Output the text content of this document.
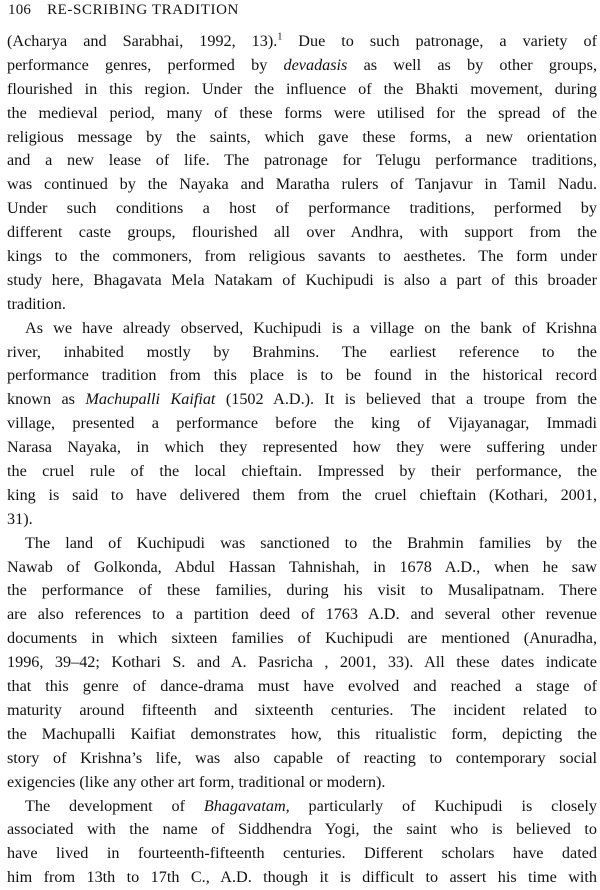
106 RE-SCRIBING TRADITION
(Acharya and Sarabhai, 1992, 13).$^1$ Due to such patronage, a variety of
performance genres, performed by devadasis as well as by other groups,
flourished in this region. Under the influence of the Bhakti movement, during
the medieval period, many of these forms were utilised for the spread of the
religious message by the saints, which gave these forms, a new orientation
and a new lease of life. The patronage for Telugu performance traditions,
was continued by the Nayaka and Maratha rulers of Tanjavur in Tamil Nadu.
Under such conditions a host of performance traditions, performed by
different caste groups, flourished all over Andhra, with support from the
kings to the commoners, from religious savants to aesthetes. The form under
study here, Bhagavata Mela Natakam of Kuchipudi is also a part of this broader
tradition.
As we have already observed, Kuchipudi is a village on the bank of Krishna
river, inhabited mostly by Brahmins. The earliest reference to the
performance tradition from this place is to be found in the historical record
known as Machupalli Kaifiat (1502 A.D.). It is believed that a troupe from the
village, presented a performance before the king of Vijayanagar, Immadi
Narasa Nayaka, in which they represented how they were suffering under
the cruel rule of the local chieftain. Impressed by their performance, the
king is said to have delivered them from the cruel chieftain (Kothari, 2001,
31).
The land of Kuchipudi was sanctioned to the Brahmin families by the
Nawab of Golkonda, Abdul Hassan Tahnishah, in 1678 A.D., when he saw
the performance of these families, during his visit to Musalipatnam. There
are also references to a partition deed of 1763 A.D. and several other revenue
documents in which sixteen families of Kuchipudi are mentioned (Anuradha,
1996, 39–42; Kothari S. and A. Pasricha , 2001, 33). All these dates indicate
that this genre of dance-drama must have evolved and reached a stage of
maturity around fifteenth and sixteenth centuries. The incident related to
the Machupalli Kaifiat demonstrates how, this ritualistic form, depicting the
story of Krishna’s life, was also capable of reacting to contemporary social
exigencies (like any other art form, traditional or modern).
The development of Bhagavatam, particularly of Kuchipudi is closely
associated with the name of Siddhendra Yogi, the saint who is believed to
have lived in fourteenth-fifteenth centuries. Different scholars have dated
him from 13th to 17th C., A.D. though it is difficult to assert his time with
